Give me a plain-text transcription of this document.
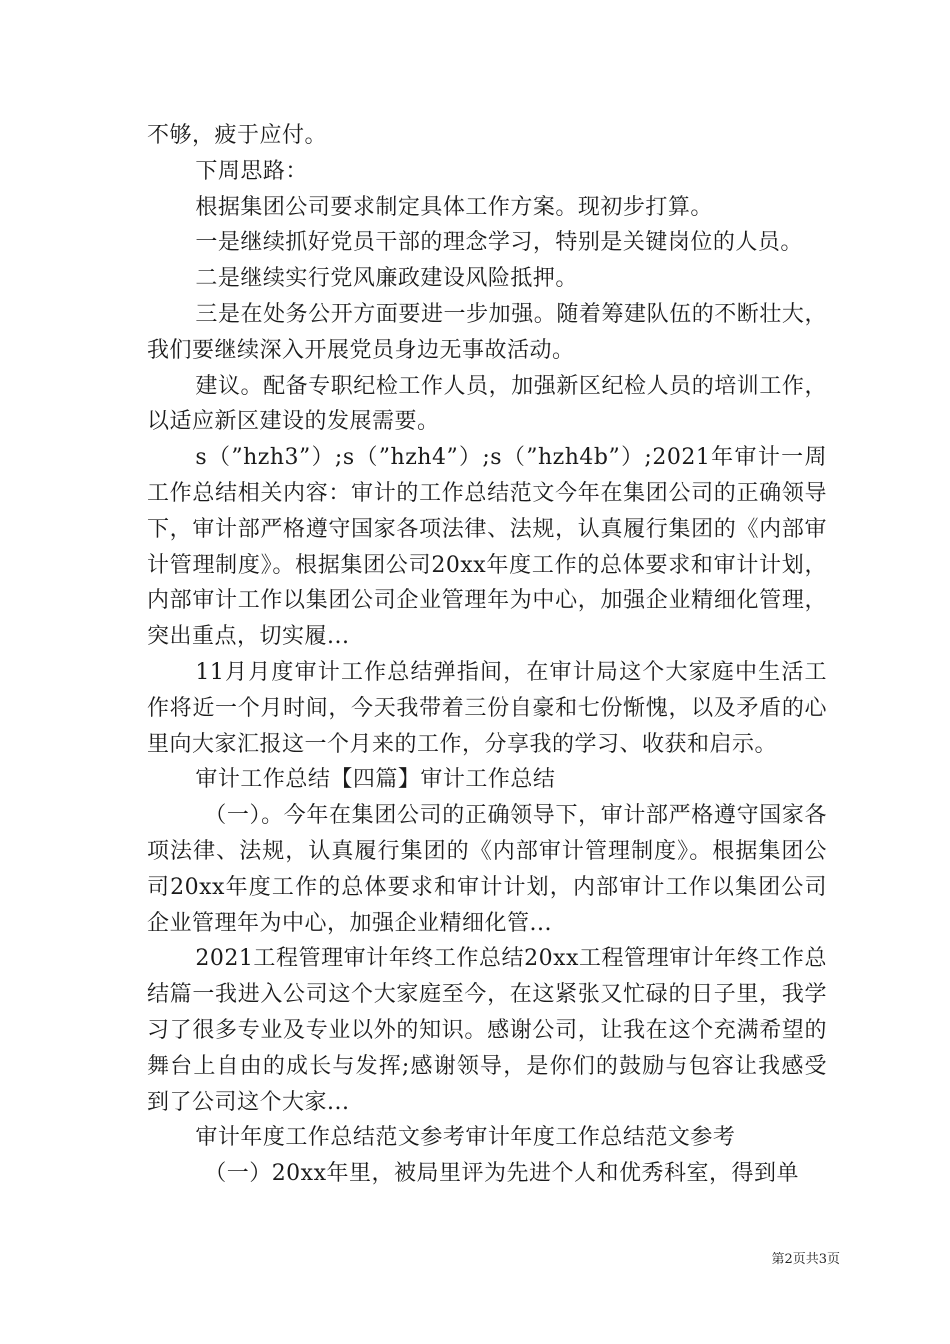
不够，疲于应付。

下周思路：

根据集团公司要求制定具体工作方案。现初步打算。

一是继续抓好党员干部的理念学习，特别是关键岗位的人员。

二是继续实行党风廉政建设风险抵押。

三是在处务公开方面要进一步加强。随着筹建队伍的不断壮大，我们要继续深入开展党员身边无事故活动。

建议。配备专职纪检工作人员，加强新区纪检人员的培训工作，以适应新区建设的发展需要。

s（”hzh3”）;s（”hzh4”）;s（”hzh4b”）;2021年审计一周工作总结相关内容：审计的工作总结范文今年在集团公司的正确领导下，审计部严格遵守国家各项法律、法规，认真履行集团的《内部审计管理制度》。根据集团公司20xx年度工作的总体要求和审计计划，内部审计工作以集团公司企业管理年为中心，加强企业精细化管理，突出重点，切实履...

11月月度审计工作总结弹指间，在审计局这个大家庭中生活工作将近一个月时间，今天我带着三份自豪和七份惭愧，以及矛盾的心里向大家汇报这一个月来的工作，分享我的学习、收获和启示。

审计工作总结【四篇】审计工作总结

（一）。今年在集团公司的正确领导下，审计部严格遵守国家各项法律、法规，认真履行集团的《内部审计管理制度》。根据集团公司20xx年度工作的总体要求和审计计划，内部审计工作以集团公司企业管理年为中心，加强企业精细化管...

2021工程管理审计年终工作总结20xx工程管理审计年终工作总结篇一我进入公司这个大家庭至今，在这紧张又忙碌的日子里，我学习了很多专业及专业以外的知识。感谢公司，让我在这个充满希望的舞台上自由的成长与发挥;感谢领导，是你们的鼓励与包容让我感受到了公司这个大家...

审计年度工作总结范文参考审计年度工作总结范文参考

（一）20xx年里，被局里评为先进个人和优秀科室，得到单

第2页共3页
